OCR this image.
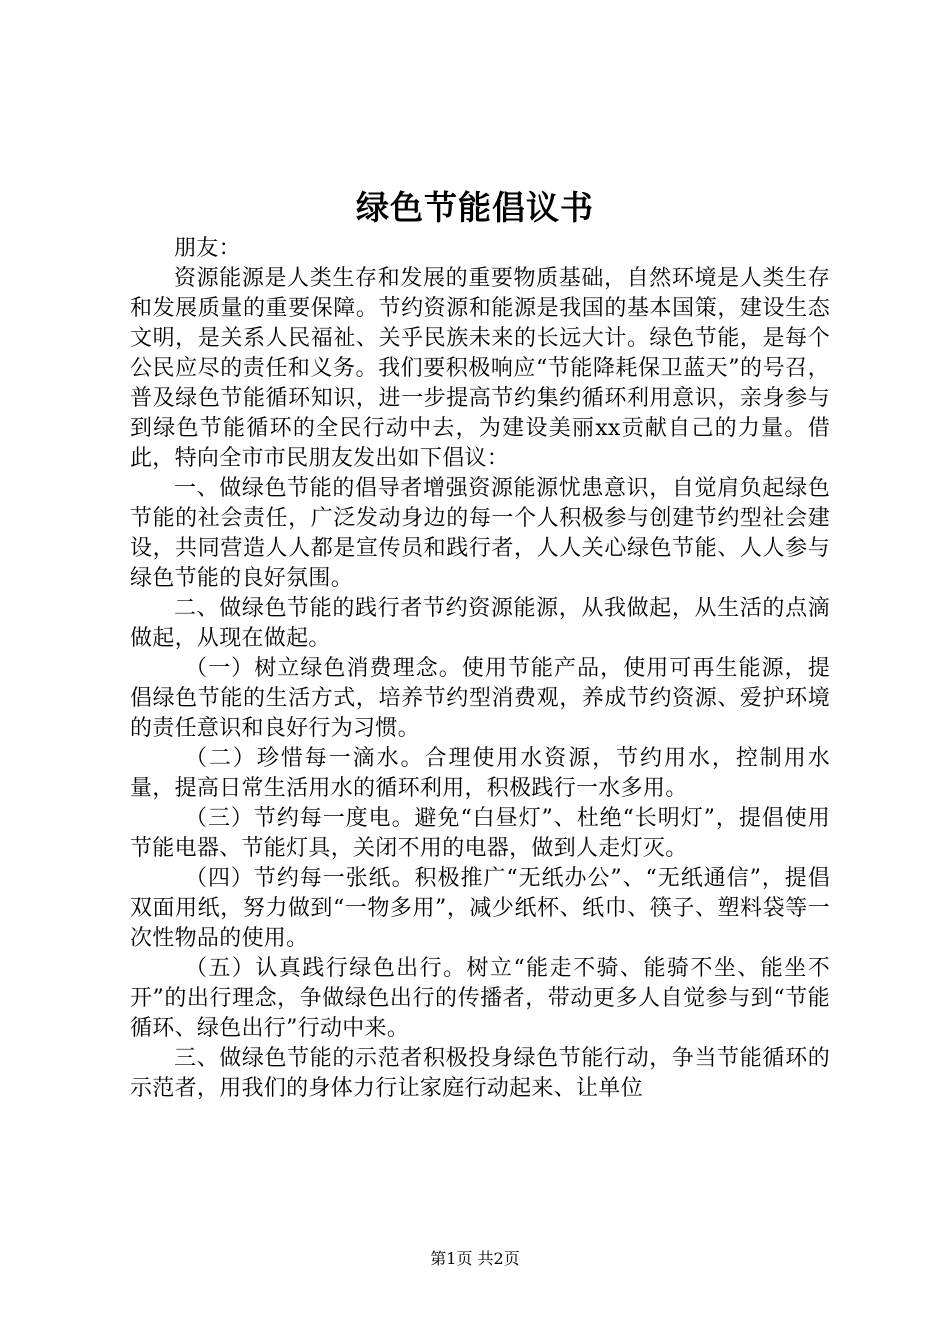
绿色节能倡议书

朋友：

资源能源是人类生存和发展的重要物质基础，自然环境是人类生存和发展质量的重要保障。节约资源和能源是我国的基本国策，建设生态文明，是关系人民福祉、关乎民族未来的长远大计。绿色节能，是每个公民应尽的责任和义务。我们要积极响应“节能降耗保卫蓝天”的号召，普及绿色节能循环知识，进一步提高节约集约循环利用意识，亲身参与到绿色节能循环的全民行动中去，为建设美丽xx贡献自己的力量。借此，特向全市市民朋友发出如下倡议：

一、做绿色节能的倡导者增强资源能源忧患意识，自觉肩负起绿色节能的社会责任，广泛发动身边的每一个人积极参与创建节约型社会建设，共同营造人人都是宣传员和践行者，人人关心绿色节能、人人参与绿色节能的良好氛围。

二、做绿色节能的践行者节约资源能源，从我做起，从生活的点滴做起，从现在做起。

（一）树立绿色消费理念。使用节能产品，使用可再生能源，提倡绿色节能的生活方式，培养节约型消费观，养成节约资源、爱护环境的责任意识和良好行为习惯。

（二）珍惜每一滴水。合理使用水资源，节约用水，控制用水量，提高日常生活用水的循环利用，积极践行一水多用。

（三）节约每一度电。避免“白昼灯”、杜绝“长明灯”，提倡使用节能电器、节能灯具，关闭不用的电器，做到人走灯灭。

（四）节约每一张纸。积极推广“无纸办公”、“无纸通信”，提倡双面用纸，努力做到“一物多用”，减少纸杯、纸巾、筷子、塑料袋等一次性物品的使用。

（五）认真践行绿色出行。树立“能走不骑、能骑不坐、能坐不开”的出行理念，争做绿色出行的传播者，带动更多人自觉参与到“节能循环、绿色出行”行动中来。

三、做绿色节能的示范者积极投身绿色节能行动，争当节能循环的示范者，用我们的身体力行让家庭行动起来、让单位

第1页 共2页
